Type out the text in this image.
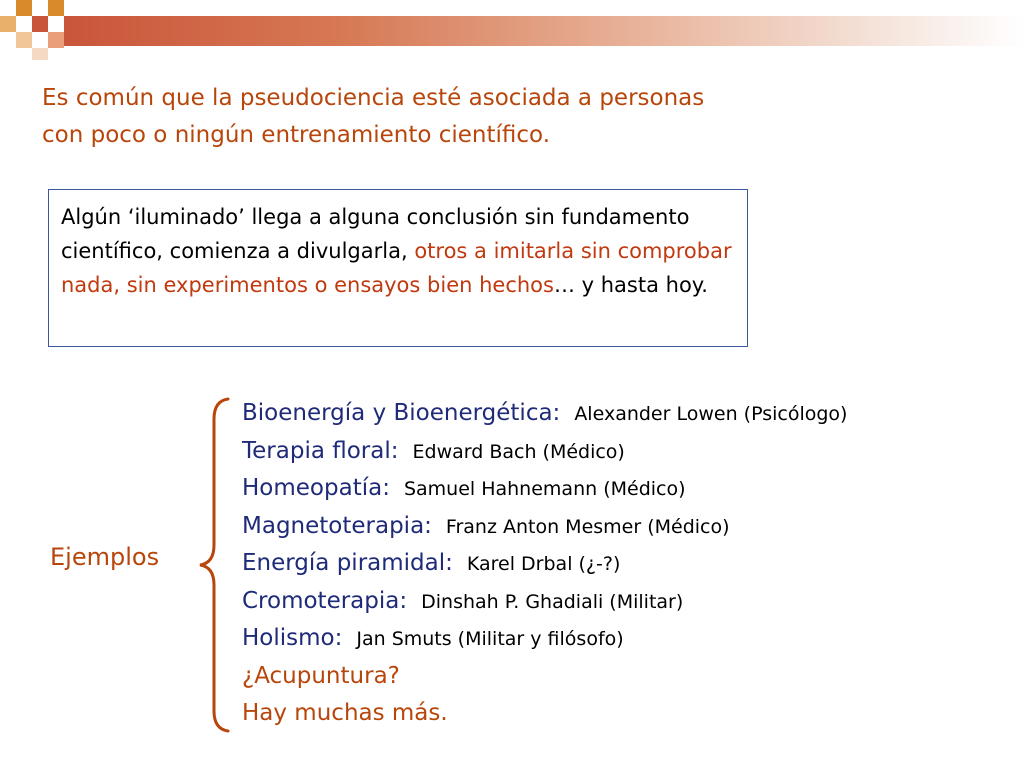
Es común que la pseudociencia esté asociada a personas
con poco o ningún entrenamiento científico.
Algún ‘iluminado’ llega a alguna conclusión sin fundamento científico, comienza a divulgarla, otros a imitarla sin comprobar nada, sin experimentos o ensayos bien hechos… y hasta hoy.
Ejemplos
Bioenergía y Bioenergética: Alexander Lowen (Psicólogo)
Terapia floral: Edward Bach (Médico)
Homeopatía: Samuel Hahnemann (Médico)
Magnetoterapia: Franz Anton Mesmer (Médico)
Energía piramidal: Karel Drbal (¿-?)
Cromoterapia: Dinshah P. Ghadiali (Militar)
Holismo: Jan Smuts (Militar y filósofo)
¿Acupuntura?
Hay muchas más.
